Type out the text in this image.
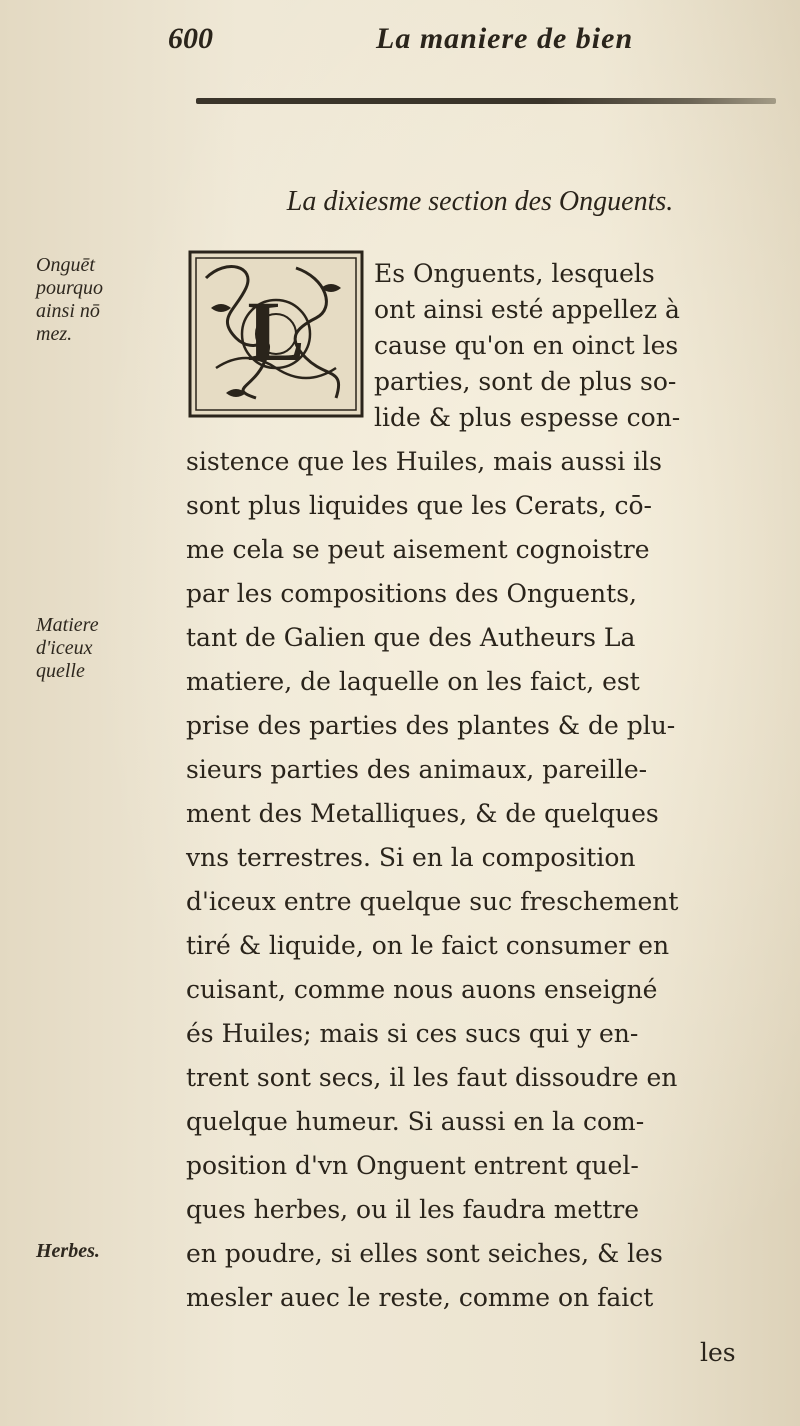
600	La maniere de bien
La dixiesme section des Onguents.
Onguēt
pourquo
ainsi nō
mez.
Matiere
d'iceux
quelle
Herbes.
L
Es Onguents, lesquels
ont ainsi esté appellez à
cause qu'on en oinct les
parties, sont de plus so-
lide & plus espesse con-
sistence que les Huiles, mais aussi ils
sont plus liquides que les Cerats, cō-
me cela se peut aisement cognoistre
par les compositions des Onguents,
tant de Galien que des Autheurs La
matiere, de laquelle on les faict, est
prise des parties des plantes & de plu-
sieurs parties des animaux, pareille-
ment des Metalliques, & de quelques
vns terrestres. Si en la composition
d'iceux entre quelque suc freschement
tiré & liquide, on le faict consumer en
cuisant, comme nous auons enseigné
és Huiles; mais si ces sucs qui y en-
trent sont secs, il les faut dissoudre en
quelque humeur. Si aussi en la com-
position d'vn Onguent entrent quel-
ques herbes, ou il les faudra mettre
en poudre, si elles sont seiches, & les
mesler auec le reste, comme on faict
les
